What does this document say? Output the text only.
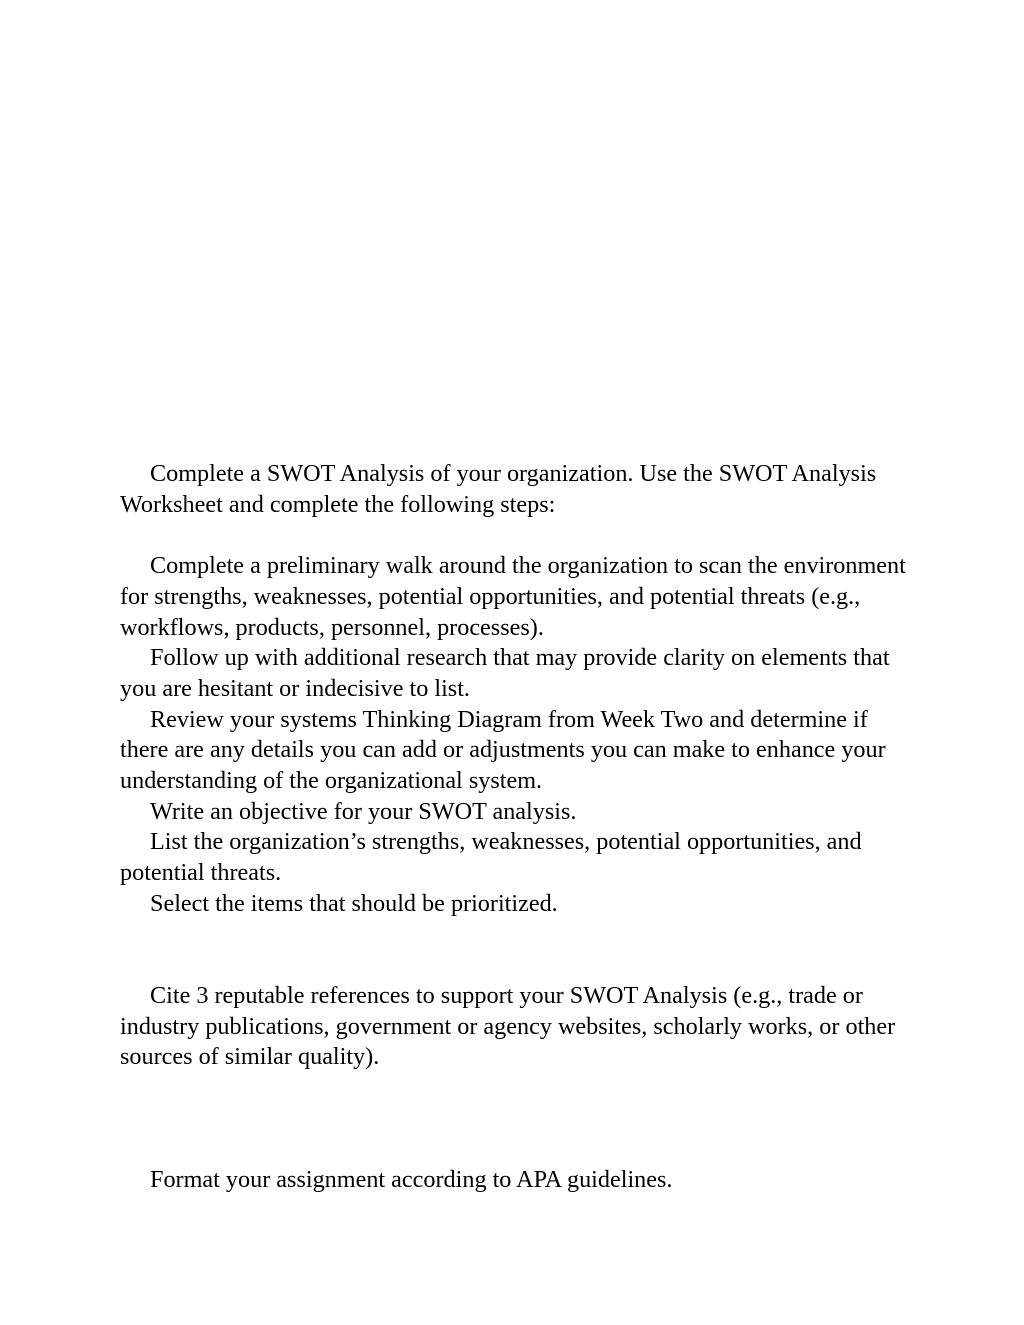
Complete a SWOT Analysis of your organization. Use the SWOT Analysis Worksheet and complete the following steps:

Complete a preliminary walk around the organization to scan the environment for strengths, weaknesses, potential opportunities, and potential threats (e.g., workflows, products, personnel, processes).

Follow up with additional research that may provide clarity on elements that you are hesitant or indecisive to list.

Review your systems Thinking Diagram from Week Two and determine if there are any details you can add or adjustments you can make to enhance your understanding of the organizational system.

Write an objective for your SWOT analysis.

List the organization’s strengths, weaknesses, potential opportunities, and potential threats.

Select the items that should be prioritized.

Cite 3 reputable references to support your SWOT Analysis (e.g., trade or industry publications, government or agency websites, scholarly works, or other sources of similar quality).

Format your assignment according to APA guidelines.
